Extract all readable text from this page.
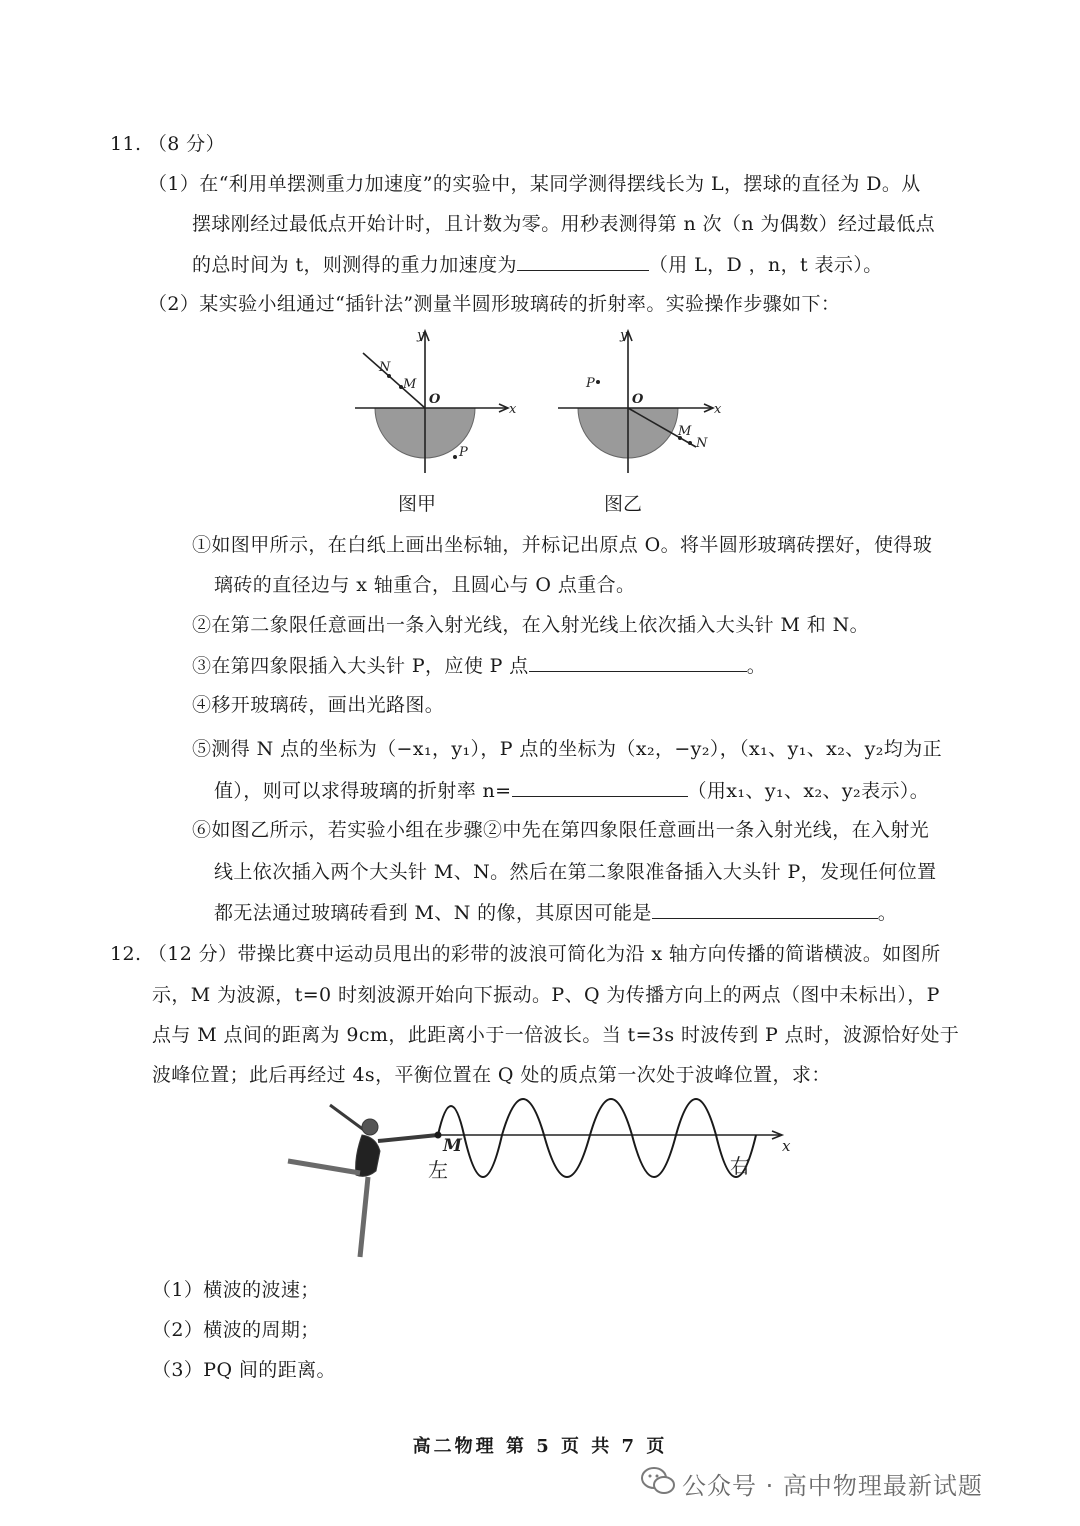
11. （8 分）
（1）在“利用单摆测重力加速度”的实验中，某同学测得摆线长为 L，摆球的直径为 D。从
摆球刚经过最低点开始计时，且计数为零。用秒表测得第 n 次（n 为偶数）经过最低点
的总时间为 t，则测得的重力加速度为	（用 L，D ，n，t 表示）。
（2）某实验小组通过“插针法”测量半圆形玻璃砖的折射率。实验操作步骤如下：
y
x
O
N
M
P
图甲
y
x
O
M
N
P
图乙
①如图甲所示，在白纸上画出坐标轴，并标记出原点 O。将半圆形玻璃砖摆好，使得玻
璃砖的直径边与 x 轴重合，且圆心与 O 点重合。
②在第二象限任意画出一条入射光线，在入射光线上依次插入大头针 M 和 N。
③在第四象限插入大头针 P，应使 P 点	。
④移开玻璃砖，画出光路图。
⑤测得 N 点的坐标为（−x₁，y₁），P 点的坐标为（x₂，−y₂），（x₁、y₁、x₂、y₂均为正
值），则可以求得玻璃的折射率 n=	（用x₁、y₁、x₂、y₂表示）。
⑥如图乙所示，若实验小组在步骤②中先在第四象限任意画出一条入射光线，在入射光
线上依次插入两个大头针 M、N。然后在第二象限准备插入大头针 P，发现任何位置
都无法通过玻璃砖看到 M、N 的像，其原因可能是	。
12. （12 分）带操比赛中运动员甩出的彩带的波浪可简化为沿 x 轴方向传播的简谐横波。如图所
示，M 为波源，t=0 时刻波源开始向下振动。P、Q 为传播方向上的两点（图中未标出），P
点与 M 点间的距离为 9cm，此距离小于一倍波长。当 t=3s 时波传到 P 点时，波源恰好处于
波峰位置；此后再经过 4s，平衡位置在 Q 处的质点第一次处于波峰位置，求：
x
M
左	右
（1）横波的波速；
（2）横波的周期；
（3）PQ 间的距离。
高二物理 第 5 页 共 7 页
公众号 · 高中物理最新试题
